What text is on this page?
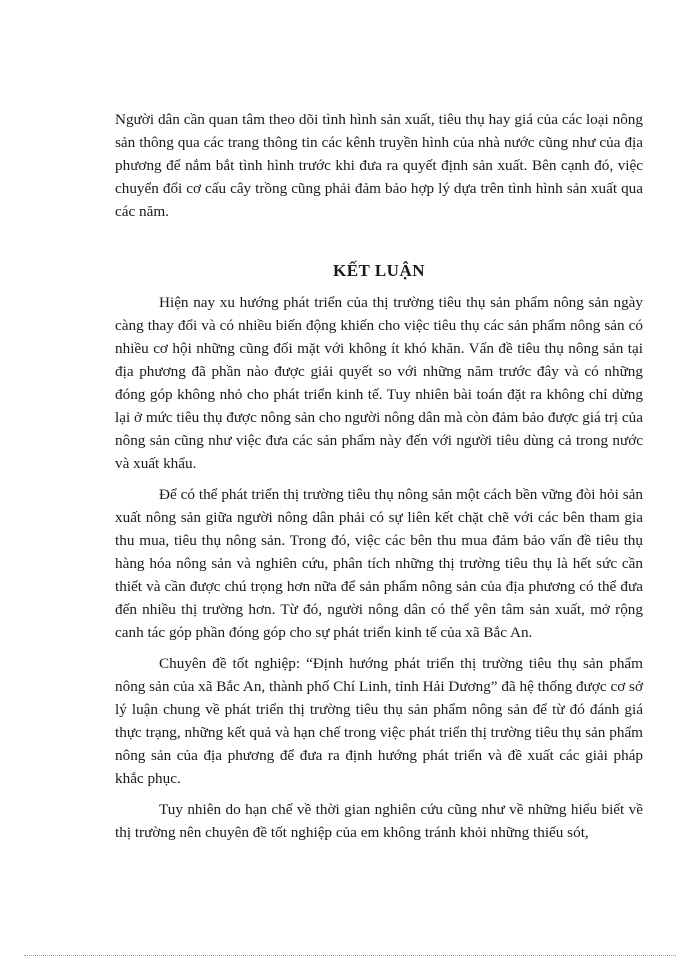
Người dân cần quan tâm theo dõi tình hình sản xuất, tiêu thụ hay giá của các loại nông sản thông qua các trang thông tin các kênh truyền hình của nhà nước cũng như của địa phương để nắm bắt tình hình trước khi đưa ra quyết định sản xuất. Bên cạnh đó, việc chuyển đổi cơ cấu cây trồng cũng phải đảm bảo hợp lý dựa trên tình hình sản xuất qua các năm.

KẾT LUẬN

Hiện nay xu hướng phát triển của thị trường tiêu thụ sản phẩm nông sản ngày càng thay đổi và có nhiều biến động khiến cho việc tiêu thụ các sản phẩm nông sản có nhiều cơ hội những cũng đối mặt với không ít khó khăn. Vấn đề tiêu thụ nông sản tại địa phương đã phần nào được giải quyết so với những năm trước đây và có những đóng góp không nhỏ cho phát triển kinh tế. Tuy nhiên bài toán đặt ra không chỉ dừng lại ở mức tiêu thụ được nông sản cho người nông dân mà còn đảm bảo được giá trị của nông sản cũng như việc đưa các sản phẩm này đến với người tiêu dùng cả trong nước và xuất khẩu.

Để có thể phát triển thị trường tiêu thụ nông sản một cách bền vững đòi hỏi sản xuất nông sản giữa người nông dân phải có sự liên kết chặt chẽ với các bên tham gia thu mua, tiêu thụ nông sản. Trong đó, việc các bên thu mua đảm bảo vấn đề tiêu thụ hàng hóa nông sản và nghiên cứu, phân tích những thị trường tiêu thụ là hết sức cần thiết và cần được chú trọng hơn nữa để sản phẩm nông sản của địa phương có thể đưa đến nhiều thị trường hơn. Từ đó, người nông dân có thể yên tâm sản xuất, mở rộng canh tác góp phần đóng góp cho sự phát triển kinh tế của xã Bắc An.

Chuyên đề tốt nghiệp: “Định hướng phát triển thị trường tiêu thụ sản phẩm nông sản của xã Bắc An, thành phố Chí Linh, tỉnh Hải Dương” đã hệ thống được cơ sở lý luận chung về phát triển thị trường tiêu thụ sản phẩm nông sản để từ đó đánh giá thực trạng, những kết quả và hạn chế trong việc phát triển thị trường tiêu thụ sản phẩm nông sản của địa phương để đưa ra định hướng phát triển và đề xuất các giải pháp khắc phục.

Tuy nhiên do hạn chế về thời gian nghiên cứu cũng như về những hiểu biết về thị trường nên chuyên đề tốt nghiệp của em không tránh khỏi những thiếu sót,
